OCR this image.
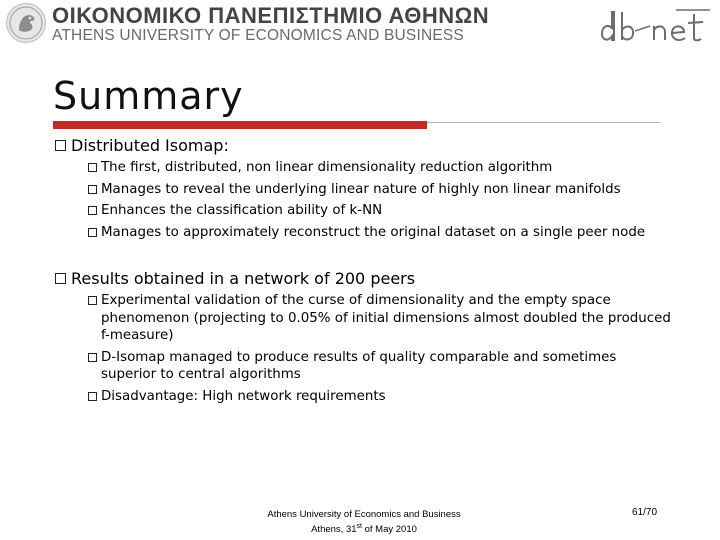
ΟΙΚΟΝΟΜΙΚΟ ΠΑΝΕΠΙΣΤΗΜΙΟ ΑΘΗΝΩΝ
ATHENS UNIVERSITY OF ECONOMICS AND BUSINESS
Summary
Distributed Isomap:
The first, distributed, non linear dimensionality reduction algorithm
Manages to reveal the underlying linear nature of highly non linear manifolds
Enhances the classification ability of k-NN
Manages to approximately reconstruct the original dataset on a single peer node
Results obtained in a network of 200 peers
Experimental validation of the curse of dimensionality and the empty space phenomenon (projecting to 0.05% of initial dimensions almost doubled the produced f-measure)
D-Isomap managed to produce results of quality comparable and sometimes superior to central algorithms
Disadvantage: High network requirements
Athens University of Economics and Business
Athens, 31st of May 2010
61/70
